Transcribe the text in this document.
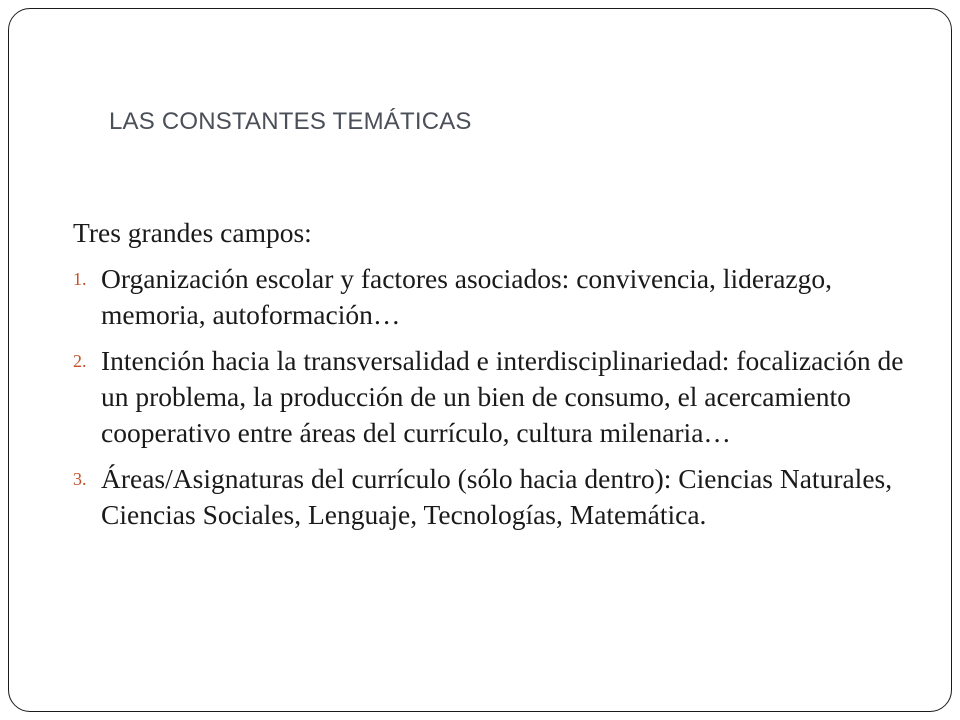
LAS CONSTANTES TEMÁTICAS

Tres grandes campos:

1. Organización escolar y factores asociados: convivencia, liderazgo, memoria, autoformación…
2. Intención hacia la transversalidad e interdisciplinariedad: focalización de un problema, la producción de un bien de consumo, el acercamiento cooperativo entre áreas del currículo, cultura milenaria…
3. Áreas/Asignaturas del currículo (sólo hacia dentro): Ciencias Naturales, Ciencias Sociales, Lenguaje, Tecnologías, Matemática.
